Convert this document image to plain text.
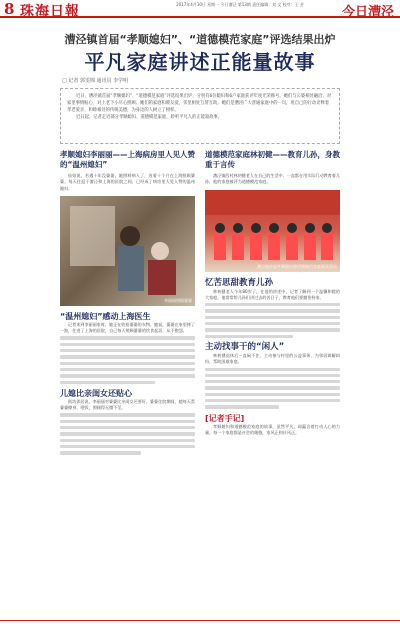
8 珠海日報	2017年4月10日 星期一 今日漕泾 第13期 责任编辑：刘 文 校对：王 芳
今日漕泾
漕泾镇首届“孝顺媳妇”、“道德模范家庭”评选结果出炉
平凡家庭讲述正能量故事
□ 记者 郭雯锦 通讯员 李学明

近日，漕泾镇首届“孝顺媳妇”、“道德模范家庭”评选结果出炉，分别有6位媳妇和6户家庭获评年度光荣称号。她们与公婆相处融洽，对家里事情贴心，对上老下小尽心照顾；她们的家庭和睦友爱，邻里相处互帮互助。她们是漕泾广大普通家庭中的一员，用自己的行动诠释着孝老爱亲、和睦相处的传统美德，为身边的人树立了榜样。

近日起，记者走近部分孝顺媳妇、道德模范家庭，聆听平凡人的正能量故事。

孝顺媳妇李丽丽——上海病房里人见人赞的“温州媳妇”

仙姑说，若遇十年没婆婆，她照料病人了，连着十个月在上海照顾婆婆，每天往返于漕泾和上海的医院之间，已经成了病房里人见人赞的温州媳妇。

李丽丽照顾婆婆
“温州媳妇”感动上海医生

记者来到李丽丽家时，她正在收拾婆婆的衣物。她说，婆婆在家里摔了一跤，住进了上海的医院，自己每天照顾婆婆的饮食起居，从不抱怨。

儿媳比亲闺女还贴心

街坊邻居说，李丽丽对婆婆比亲闺女还要好。婆婆住院期间，她每天帮婆婆擦身、喂饭，照顾得无微不至。

道德模范家庭林初健——教育儿孙，身教重于言传

漕泾镇西村林初健老人在自己的生活中，一直都在用实际行动教育着儿孙，他的家庭被评为道德模范家庭。

漕泾镇首届孝顺媳妇和道德模范家庭颁奖现场
忆苦思甜教育儿孙

林初健老人今年80岁了，在他的讲述中，记者了解到一个温馨和睦的大家庭。他常常给儿孙们讲过去的苦日子，教育他们要勤俭持家。

主动找事干的“闲人”

林初健退休后一直闲不住，主动参与村里的公益事务，为邻居调解纠纷，帮助困难家庭。

[记者手记]

孝顺媳妇和道德模范家庭的故事，虽然平凡，却蕴含着打动人心的力量。每一个家庭都是社会的细胞，家风正则社风正。
